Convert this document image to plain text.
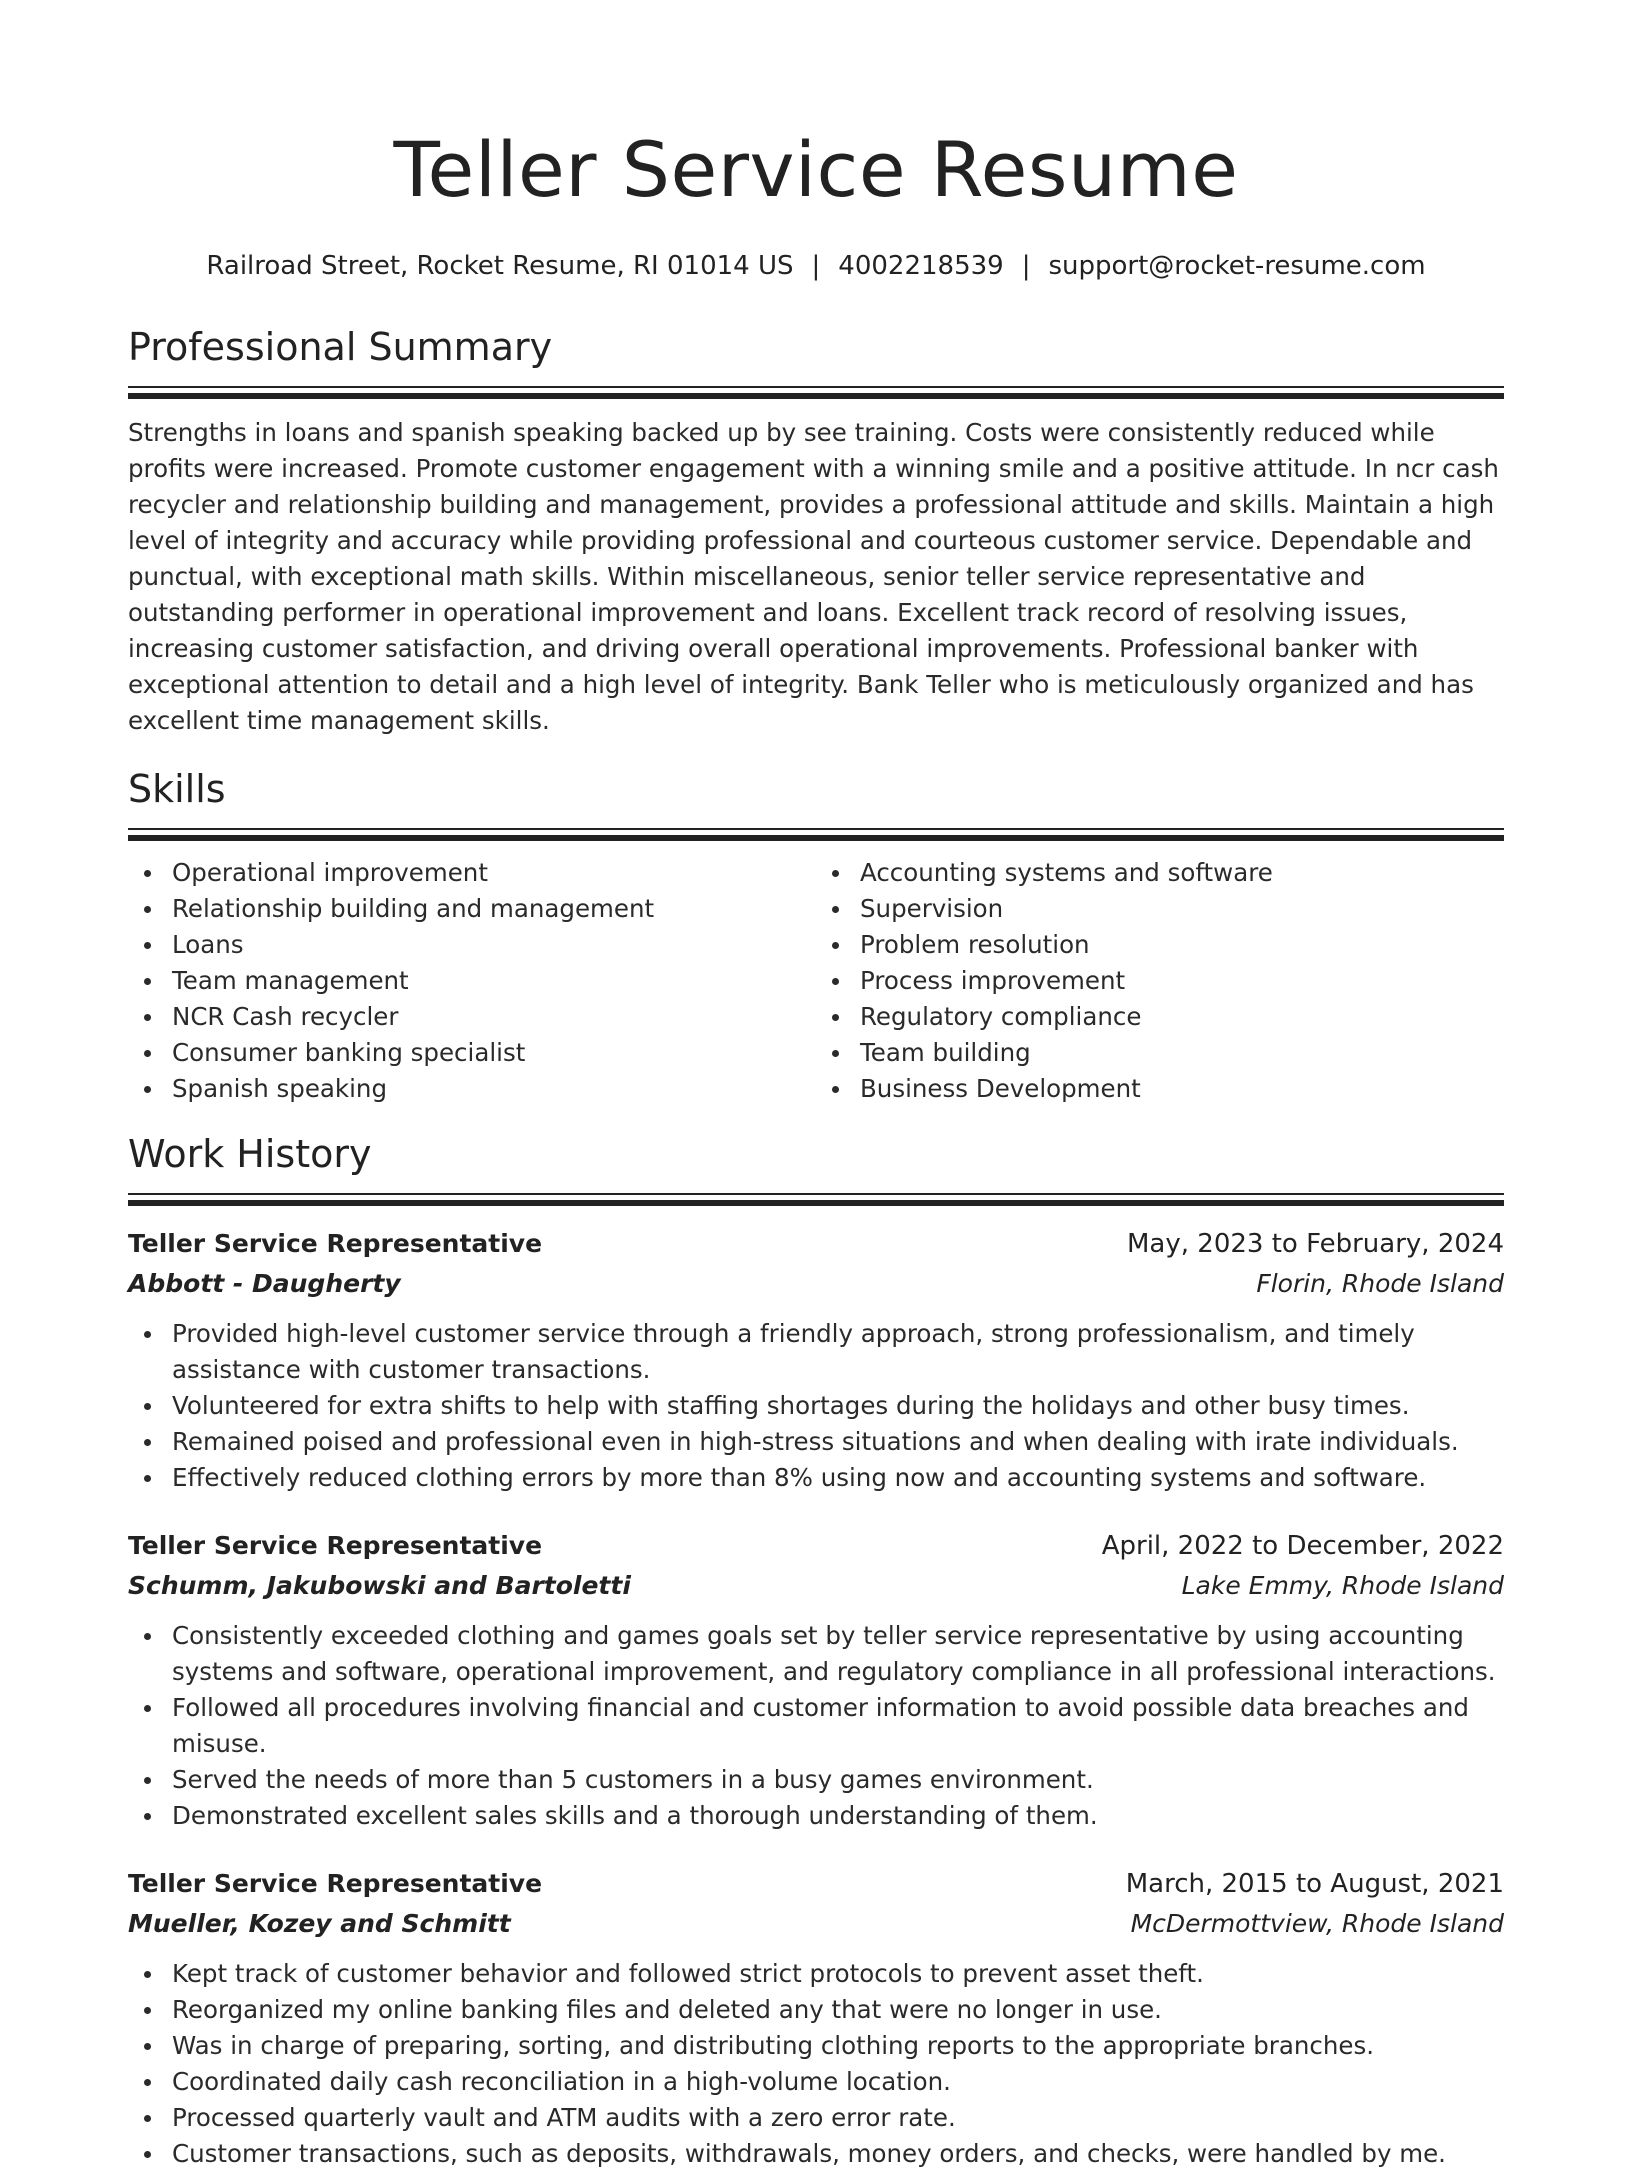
Teller Service Resume
Railroad Street, Rocket Resume, RI 01014 US | 4002218539 | support@rocket-resume.com
Professional Summary

Strengths in loans and spanish speaking backed up by see training. Costs were consistently reduced while profits were increased. Promote customer engagement with a winning smile and a positive attitude. In ncr cash recycler and relationship building and management, provides a professional attitude and skills. Maintain a high level of integrity and accuracy while providing professional and courteous customer service. Dependable and punctual, with exceptional math skills. Within miscellaneous, senior teller service representative and outstanding performer in operational improvement and loans. Excellent track record of resolving issues, increasing customer satisfaction, and driving overall operational improvements. Professional banker with exceptional attention to detail and a high level of integrity. Bank Teller who is meticulously organized and has excellent time management skills.

Skills
Operational improvement
Relationship building and management
Loans
Team management
NCR Cash recycler
Consumer banking specialist
Spanish speaking
Accounting systems and software
Supervision
Problem resolution
Process improvement
Regulatory compliance
Team building
Business Development
Work History
Teller Service Representative	May, 2023 to February, 2024
Abbott - Daugherty	Florin, Rhode Island
Provided high-level customer service through a friendly approach, strong professionalism, and timely assistance with customer transactions.
Volunteered for extra shifts to help with staffing shortages during the holidays and other busy times.
Remained poised and professional even in high-stress situations and when dealing with irate individuals.
Effectively reduced clothing errors by more than 8% using now and accounting systems and software.
Teller Service Representative	April, 2022 to December, 2022
Schumm, Jakubowski and Bartoletti	Lake Emmy, Rhode Island
Consistently exceeded clothing and games goals set by teller service representative by using accounting systems and software, operational improvement, and regulatory compliance in all professional interactions.
Followed all procedures involving financial and customer information to avoid possible data breaches and misuse.
Served the needs of more than 5 customers in a busy games environment.
Demonstrated excellent sales skills and a thorough understanding of them.
Teller Service Representative	March, 2015 to August, 2021
Mueller, Kozey and Schmitt	McDermottview, Rhode Island
Kept track of customer behavior and followed strict protocols to prevent asset theft.
Reorganized my online banking files and deleted any that were no longer in use.
Was in charge of preparing, sorting, and distributing clothing reports to the appropriate branches.
Coordinated daily cash reconciliation in a high-volume location.
Processed quarterly vault and ATM audits with a zero error rate.
Customer transactions, such as deposits, withdrawals, money orders, and checks, were handled by me.
